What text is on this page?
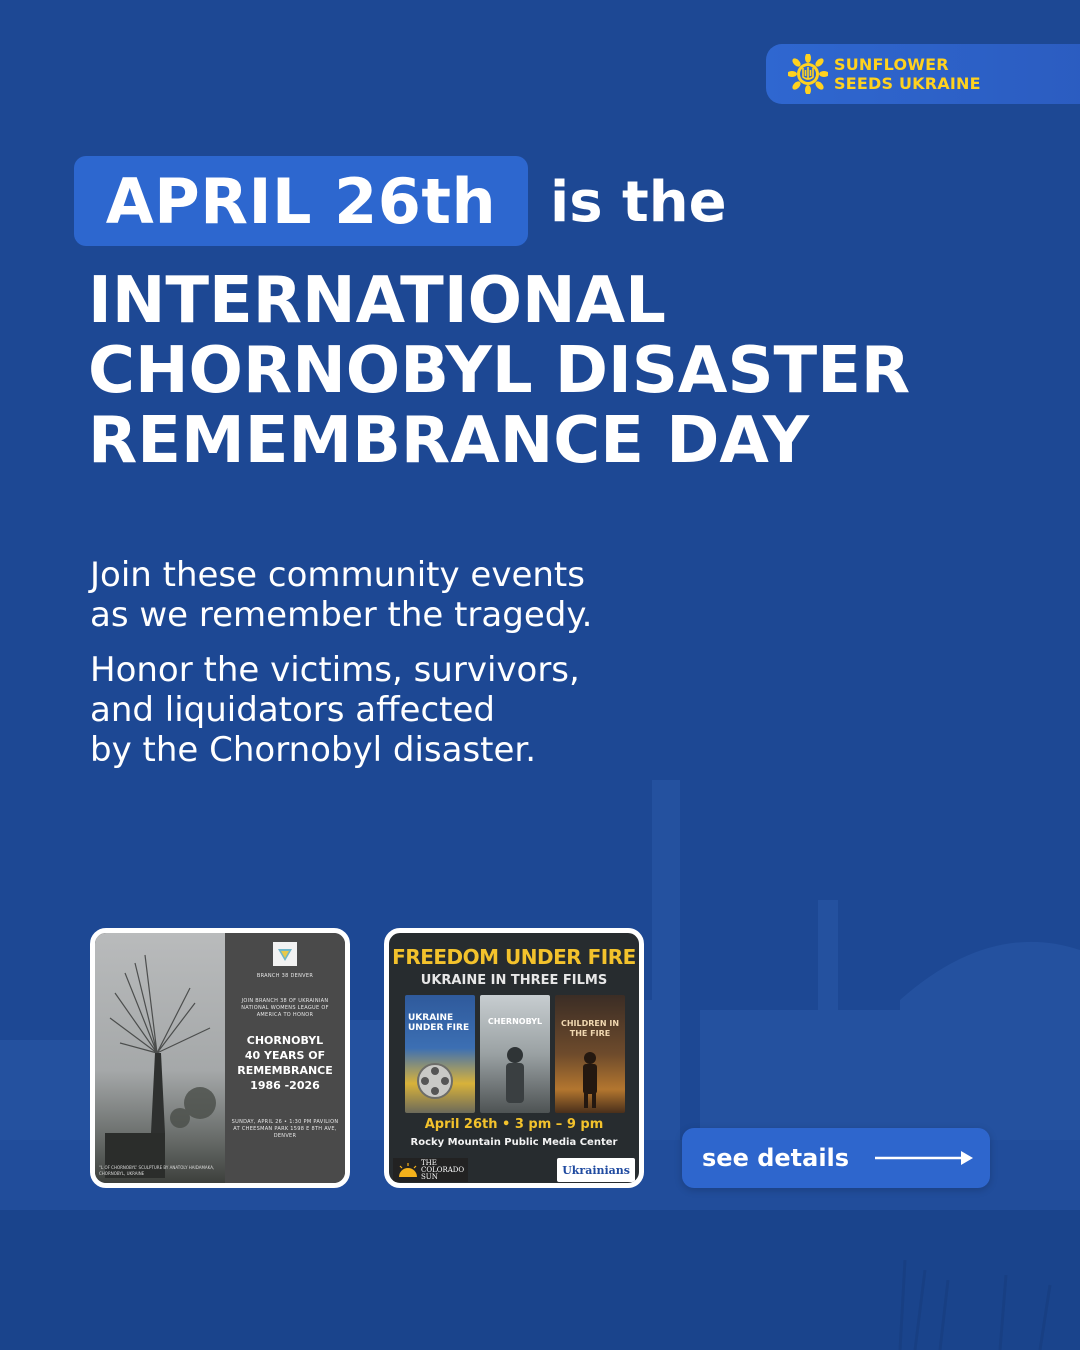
SUNFLOWER
SEEDS UKRAINE
APRIL 26th is the
INTERNATIONAL
CHORNOBYL DISASTER
REMEMBRANCE DAY

Join these community events
as we remember the tragedy.

Honor the victims, survivors,
and liquidators affected
by the Chornobyl disaster.

BRANCH 38 DENVER
JOIN BRANCH 38 OF UKRAINIAN NATIONAL WOMENS LEAGUE OF AMERICA TO HONOR
CHORNOBYL
40 YEARS OF
REMEMBRANCE
1986 -2026
SUNDAY, APRIL 26 • 1:30 PM PAVILION AT CHEESMAN PARK 1598 E 8TH AVE, DENVER
“L OF CHORNOBYL” SCULPTURE BY ANATOLY HAIDAMAKA, CHORNOBYL, UKRAINE
FREEDOM UNDER FIRE
UKRAINE IN THREE FILMS
UKRAINE UNDER FIRE
CHERNOBYL	CHILDREN IN THE FIRE
April 26th • 3 pm – 9 pm
Rocky Mountain Public Media Center
THE
COLORADO
SUN	Ukrainians	see details
